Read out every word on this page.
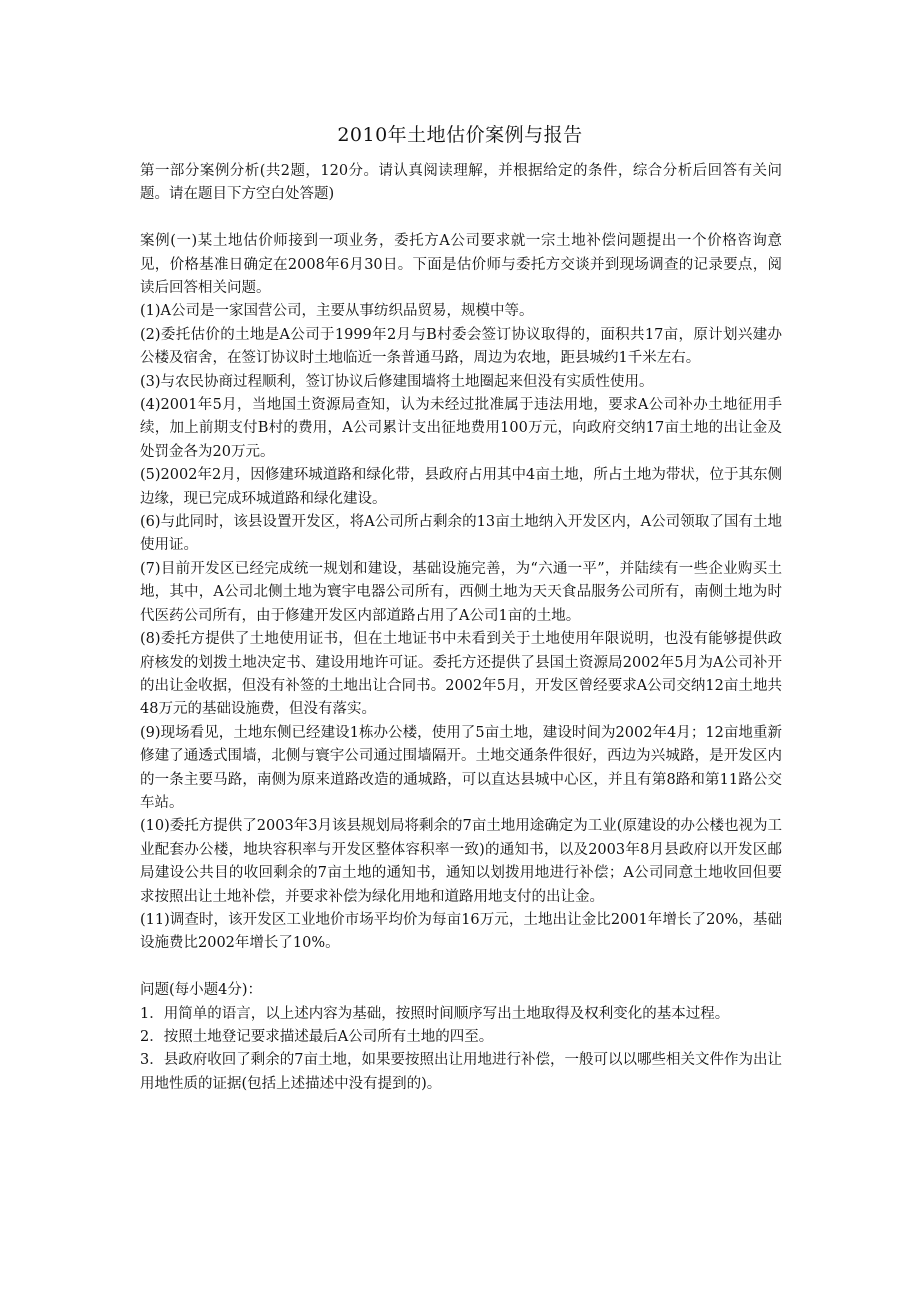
2010年土地估价案例与报告

第一部分案例分析(共2题，120分。请认真阅读理解，并根据给定的条件，综合分析后回答有关问题。请在题目下方空白处答题)

案例(一)某土地估价师接到一项业务，委托方A公司要求就一宗土地补偿问题提出一个价格咨询意见，价格基准日确定在2008年6月30日。下面是估价师与委托方交谈并到现场调查的记录要点，阅读后回答相关问题。

(1)A公司是一家国营公司，主要从事纺织品贸易，规模中等。

(2)委托估价的土地是A公司于1999年2月与B村委会签订协议取得的，面积共17亩，原计划兴建办公楼及宿舍，在签订协议时土地临近一条普通马路，周边为农地，距县城约1千米左右。

(3)与农民协商过程顺利，签订协议后修建围墙将土地圈起来但没有实质性使用。

(4)2001年5月，当地国土资源局查知，认为未经过批准属于违法用地，要求A公司补办土地征用手续，加上前期支付B村的费用，A公司累计支出征地费用100万元，向政府交纳17亩土地的出让金及处罚金各为20万元。

(5)2002年2月，因修建环城道路和绿化带，县政府占用其中4亩土地，所占土地为带状，位于其东侧边缘，现已完成环城道路和绿化建设。

(6)与此同时，该县设置开发区，将A公司所占剩余的13亩土地纳入开发区内，A公司领取了国有土地使用证。

(7)目前开发区已经完成统一规划和建设，基础设施完善，为“六通一平”，并陆续有一些企业购买土地，其中，A公司北侧土地为寰宇电器公司所有，西侧土地为天天食品服务公司所有，南侧土地为时代医药公司所有，由于修建开发区内部道路占用了A公司1亩的土地。

(8)委托方提供了土地使用证书，但在土地证书中未看到关于土地使用年限说明，也没有能够提供政府核发的划拨土地决定书、建设用地许可证。委托方还提供了县国土资源局2002年5月为A公司补开的出让金收据，但没有补签的土地出让合同书。2002年5月，开发区曾经要求A公司交纳12亩土地共48万元的基础设施费，但没有落实。

(9)现场看见，土地东侧已经建设1栋办公楼，使用了5亩土地，建设时间为2002年4月；12亩地重新修建了通透式围墙，北侧与寰宇公司通过围墙隔开。土地交通条件很好，西边为兴城路，是开发区内的一条主要马路，南侧为原来道路改造的通城路，可以直达县城中心区，并且有第8路和第11路公交车站。

(10)委托方提供了2003年3月该县规划局将剩余的7亩土地用途确定为工业(原建设的办公楼也视为工业配套办公楼，地块容积率与开发区整体容积率一致)的通知书，以及2003年8月县政府以开发区邮局建设公共目的收回剩余的7亩土地的通知书，通知以划拨用地进行补偿；A公司同意土地收回但要求按照出让土地补偿，并要求补偿为绿化用地和道路用地支付的出让金。

(11)调查时，该开发区工业地价市场平均价为每亩16万元，土地出让金比2001年增长了20%，基础设施费比2002年增长了10%。

问题(每小题4分)：

1．用简单的语言，以上述内容为基础，按照时间顺序写出土地取得及权利变化的基本过程。

2．按照土地登记要求描述最后A公司所有土地的四至。

3．县政府收回了剩余的7亩土地，如果要按照出让用地进行补偿，一般可以以哪些相关文件作为出让用地性质的证据(包括上述描述中没有提到的)。
